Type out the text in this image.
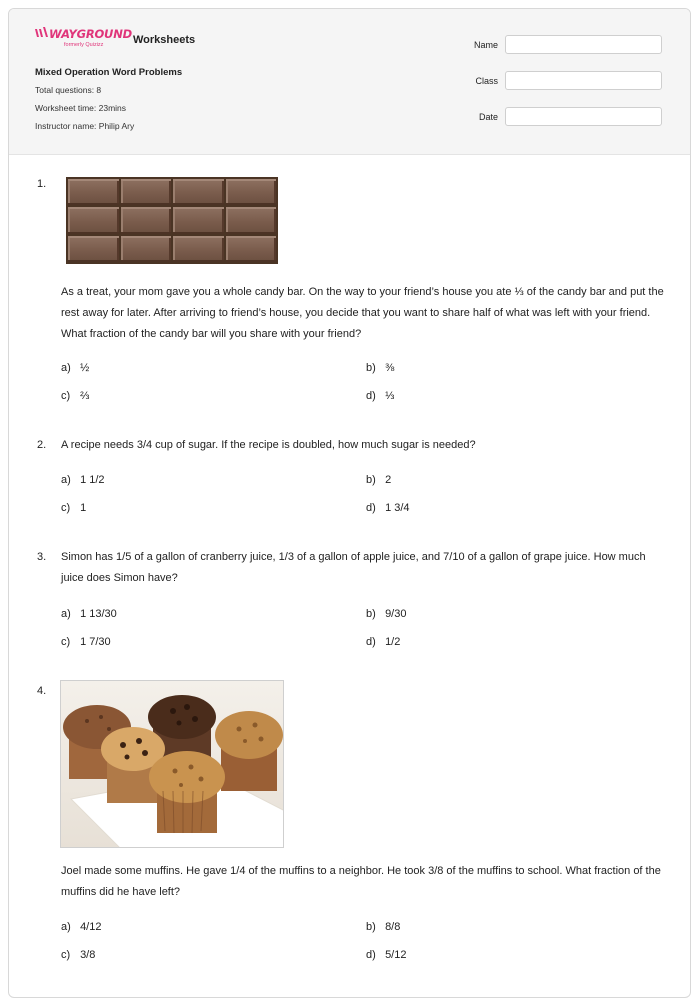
WAYGROUND
formerly Quizizz	Worksheets
Mixed Operation Word Problems
Total questions: 8
Worksheet time: 23mins
Instructor name: Philip Ary
Name
Class
Date
1.
As a treat, your mom gave you a whole candy bar. On the way to your friend’s house you ate ⅓ of the candy bar and put the rest away for later. After arriving to friend’s house, you decide that you want to share half of what was left with your friend. What fraction of the candy bar will you share with your friend?
a) ½	b) ⅜
c) ⅔	d) ⅓
2. A recipe needs 3/4 cup of sugar. If the recipe is doubled, how much sugar is needed?
a) 1 1/2	b) 2
c) 1	d) 1 3/4
3. Simon has 1/5 of a gallon of cranberry juice, 1/3 of a gallon of apple juice, and 7/10 of a gallon of grape juice. How much juice does Simon have?
a) 1 13/30	b) 9/30
c) 1 7/30	d) 1/2
4.
Joel made some muffins. He gave 1/4 of the muffins to a neighbor. He took 3/8 of the muffins to school. What fraction of the muffins did he have left?
a) 4/12	b) 8/8
c) 3/8	d) 5/12
